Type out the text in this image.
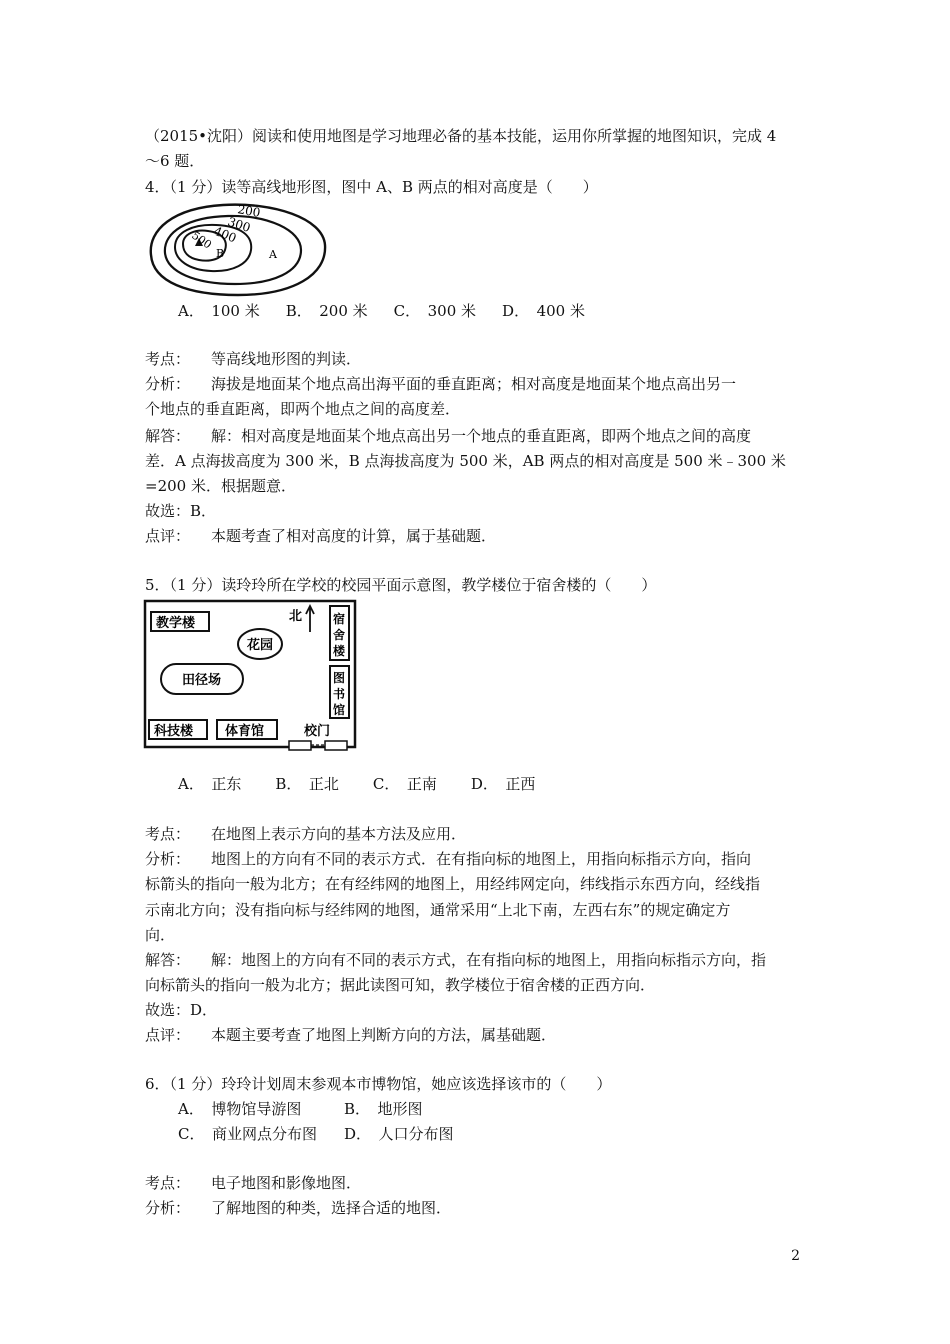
（2015•沈阳）阅读和使用地图是学习地理必备的基本技能，运用你所掌握的地图知识，完成 4
～6 题．
4．（1 分）读等高线地形图，图中 A、B 两点的相对高度是（　　）
200
300
400
500
B	A
A．　100 米 B．　200 米 C．　300 米 D．　400 米
考点： 等高线地形图的判读．
分析： 海拔是地面某个地点高出海平面的垂直距离；相对高度是地面某个地点高出另一
个地点的垂直距离，即两个地点之间的高度差．
解答： 解：相对高度是地面某个地点高出另一个地点的垂直距离，即两个地点之间的高度
差．A 点海拔高度为 300 米，B 点海拔高度为 500 米，AB 两点的相对高度是 500 米﹣300 米
=200 米．根据题意．
故选：B．
点评： 本题考查了相对高度的计算，属于基础题．
5．（1 分）读玲玲所在学校的校园平面示意图，教学楼位于宿舍楼的（　　）
教学楼
花园
北	宿
舍
楼
田径场	图
书
馆
科技楼 体育馆	校门
A．　正东 B．　正北 C．　正南 D．　正西
考点： 在地图上表示方向的基本方法及应用．
分析： 地图上的方向有不同的表示方式．在有指向标的地图上，用指向标指示方向，指向
标箭头的指向一般为北方；在有经纬网的地图上，用经纬网定向，纬线指示东西方向，经线指
示南北方向；没有指向标与经纬网的地图，通常采用“上北下南，左西右东”的规定确定方
向．
解答： 解：地图上的方向有不同的表示方式，在有指向标的地图上，用指向标指示方向，指
向标箭头的指向一般为北方；据此读图可知，教学楼位于宿舍楼的正西方向．
故选：D．
点评： 本题主要考查了地图上判断方向的方法，属基础题．
6．（1 分）玲玲计划周末参观本市博物馆，她应该选择该市的（　　）
A．　博物馆导游图	B．　地形图
C．　商业网点分布图 D．　人口分布图
考点： 电子地图和影像地图．
分析： 了解地图的种类，选择合适的地图．
2
